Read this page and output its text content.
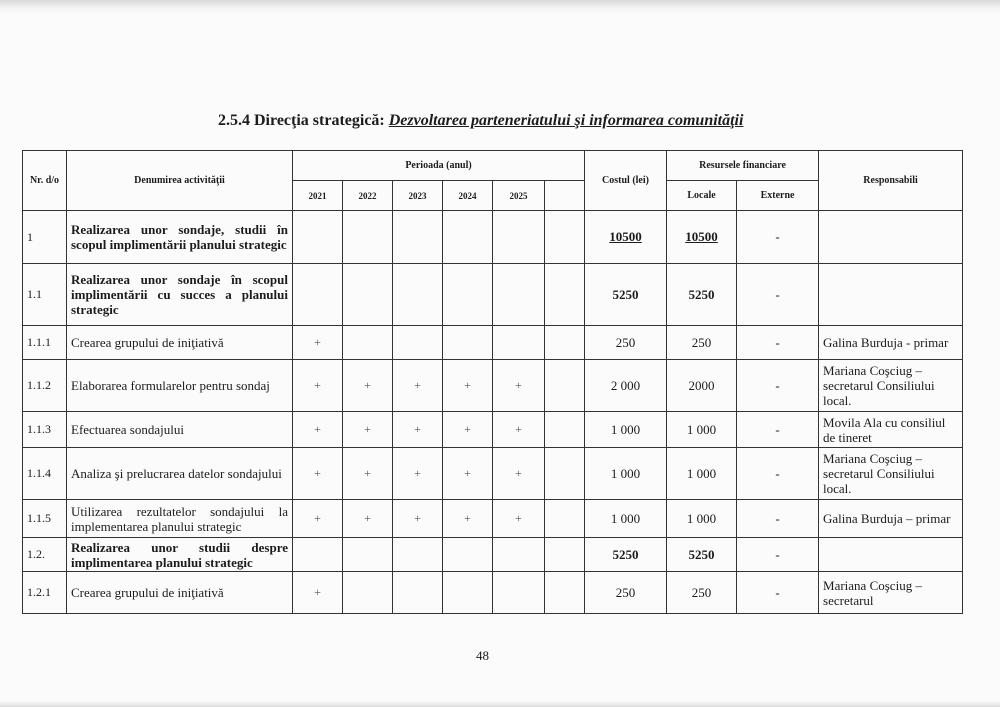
2.5.4 Direcţia strategică: Dezvoltarea parteneriatului şi informarea comunităţii
Nr. d/o	Denumirea activităţii	Perioada (anul)						Costul (lei)	Resursele financiare		Responsabili
		2021	2022	2023	2024	2025			Locale	Externe	
1	Realizarea unor sondaje, studii în scopul implimentării planului strategic							10500	10500	-	
1.1	Realizarea unor sondaje în scopul implimentării cu succes a planului strategic							5250	5250	-	
1.1.1	Crearea grupului de iniţiativă	+						250	250	-	Galina Burduja - primar
1.1.2	Elaborarea formularelor pentru sondaj	+	+	+	+	+		2 000	2000	-	Mariana Coşciug – secretarul Consiliului local.
1.1.3	Efectuarea sondajului	+	+	+	+	+		1 000	1 000	-	Movila Ala cu consiliul de tineret
1.1.4	Analiza şi prelucrarea datelor sondajului	+	+	+	+	+		1 000	1 000	-	Mariana Coşciug – secretarul Consiliului local.
1.1.5	Utilizarea rezultatelor sondajului la implementarea planului strategic	+	+	+	+	+		1 000	1 000	-	Galina Burduja – primar
1.2.	Realizarea unor studii despre implimentarea planului strategic							5250	5250	-	
1.2.1	Crearea grupului de iniţiativă	+						250	250	-	Mariana Coşciug – secretarul
48
